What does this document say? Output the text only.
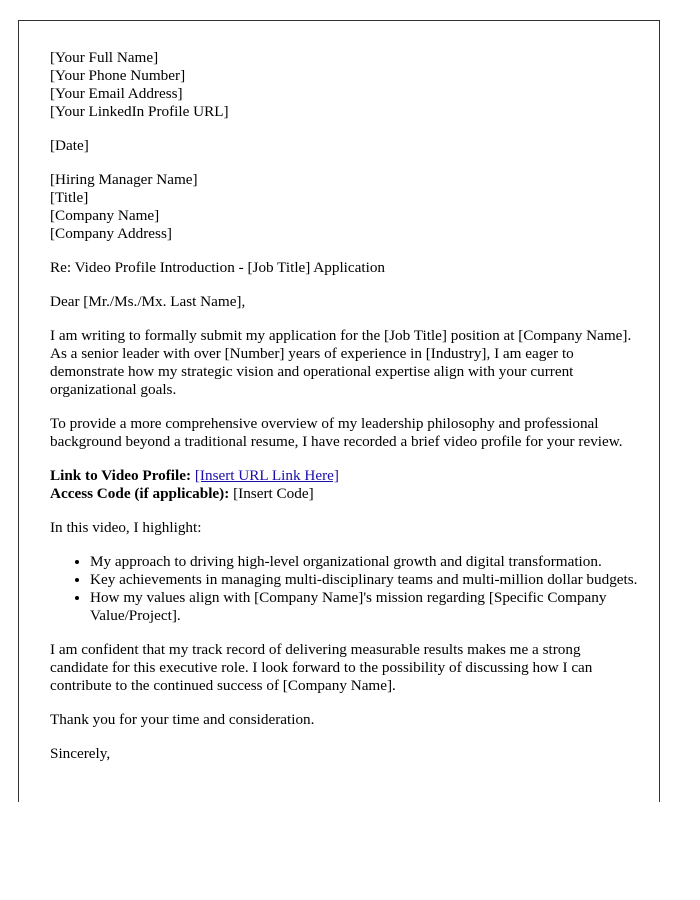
[Your Full Name]
[Your Phone Number]
[Your Email Address]
[Your LinkedIn Profile URL]

[Date]

[Hiring Manager Name]
[Title]
[Company Name]
[Company Address]

Re: Video Profile Introduction - [Job Title] Application

Dear [Mr./Ms./Mx. Last Name],

I am writing to formally submit my application for the [Job Title] position at [Company Name]. As a senior leader with over [Number] years of experience in [Industry], I am eager to demonstrate how my strategic vision and operational expertise align with your current organizational goals.

To provide a more comprehensive overview of my leadership philosophy and professional background beyond a traditional resume, I have recorded a brief video profile for your review.

Link to Video Profile: [Insert URL Link Here]
Access Code (if applicable): [Insert Code]

In this video, I highlight:

• My approach to driving high-level organizational growth and digital transformation.
• Key achievements in managing multi-disciplinary teams and multi-million dollar budgets.
• How my values align with [Company Name]'s mission regarding [Specific Company Value/Project].

I am confident that my track record of delivering measurable results makes me a strong candidate for this executive role. I look forward to the possibility of discussing how I can contribute to the continued success of [Company Name].

Thank you for your time and consideration.

Sincerely,
